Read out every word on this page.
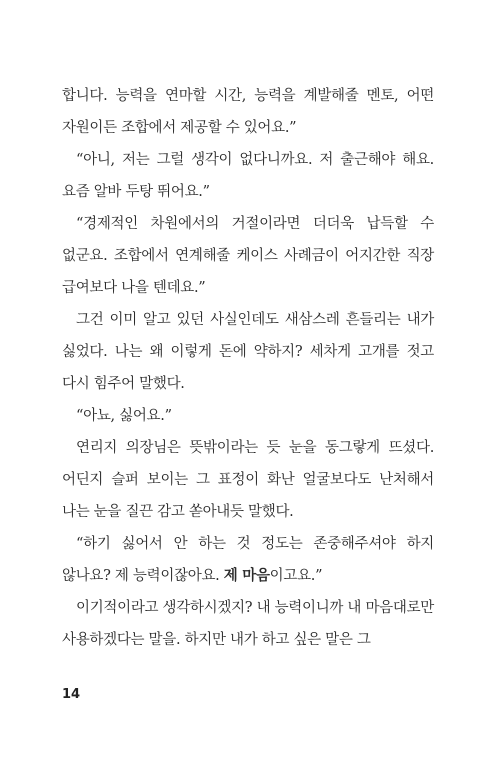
합니다. 능력을 연마할 시간, 능력을 계발해줄 멘토, 어떤 자원이든 조합에서 제공할 수 있어요.”

“아니, 저는 그럴 생각이 없다니까요. 저 출근해야 해요. 요즘 알바 두탕 뛰어요.”

“경제적인 차원에서의 거절이라면 더더욱 납득할 수 없군요. 조합에서 연계해줄 케이스 사례금이 어지간한 직장 급여보다 나을 텐데요.”

그건 이미 알고 있던 사실인데도 새삼스레 흔들리는 내가 싫었다. 나는 왜 이렇게 돈에 약하지? 세차게 고개를 젓고 다시 힘주어 말했다.

“아뇨, 싫어요.”

연리지 의장님은 뜻밖이라는 듯 눈을 동그랗게 뜨셨다. 어딘지 슬퍼 보이는 그 표정이 화난 얼굴보다도 난처해서 나는 눈을 질끈 감고 쏟아내듯 말했다.

“하기 싫어서 안 하는 것 정도는 존중해주셔야 하지 않나요? 제 능력이잖아요. 제 마음이고요.”

이기적이라고 생각하시겠지? 내 능력이니까 내 마음대로만 사용하겠다는 말을. 하지만 내가 하고 싶은 말은 그

14
